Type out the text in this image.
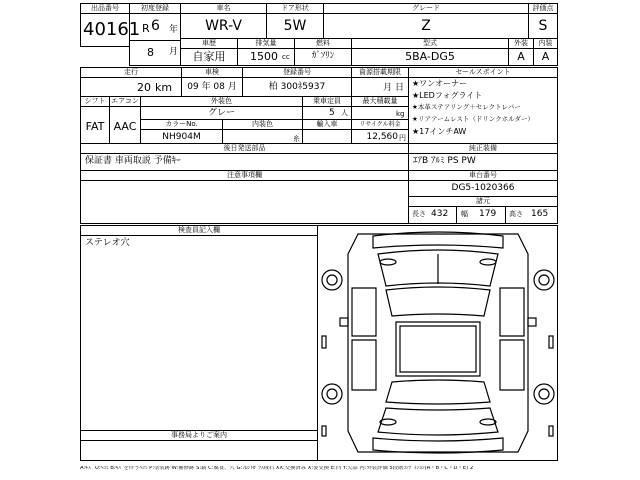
出品番号
40161
初度登録
R 6 年
8 月
車名
WR-V
ドア形状
5W
グレード
Z
評価点
S
車歴
自家用
排気量
1500 cc
燃料
ｶﾞｿﾘﾝ
型式
5BA-DG5
外装
A
内装
A
走行
20 km
車検
09 年 08 月
登録番号
柏 300ﾈ5937
資源搭載期限
月 日
セールスポイント
★ワンオーナー
★LEDフォグライト
★本革ステアリング＋セレクトレバー
★リアアームレスト（ドリンクホルダー）
★17インチAW
シフト
FAT
エアコン
AAC
外装色
グレー
乗車定員
5 人
最大積載量
kg
カラーNo.
NH904M
内装色
糸
輸入車	リサイクル料金
12,560 円
後日発送部品
保証書 車両取説 予備ｷｰ
純正装備
ｴｱB ｱﾙﾐ PS PW
注意事項欄	車台番号
DG5-1020366
諸元
長さ 432 幅 179 高さ 165
検査員記入欄
ステレオ穴
事務局よりご案内
A:ｷｽﾞ U:ﾍｺﾐ B:ｷｽﾞを伴うﾍｺﾐ P:塗装跡 W:補修跡 S:錆 C:腐食、穴 G:ﾌﾛﾝﾄｶﾞﾗｽ飛石 XX:交換済み X:要交換 E:凹 Y:欠品 内:外装評価 5段階ｺﾝﾃﾞｨｼｮﾝ(A・B・C・D・E) 2
